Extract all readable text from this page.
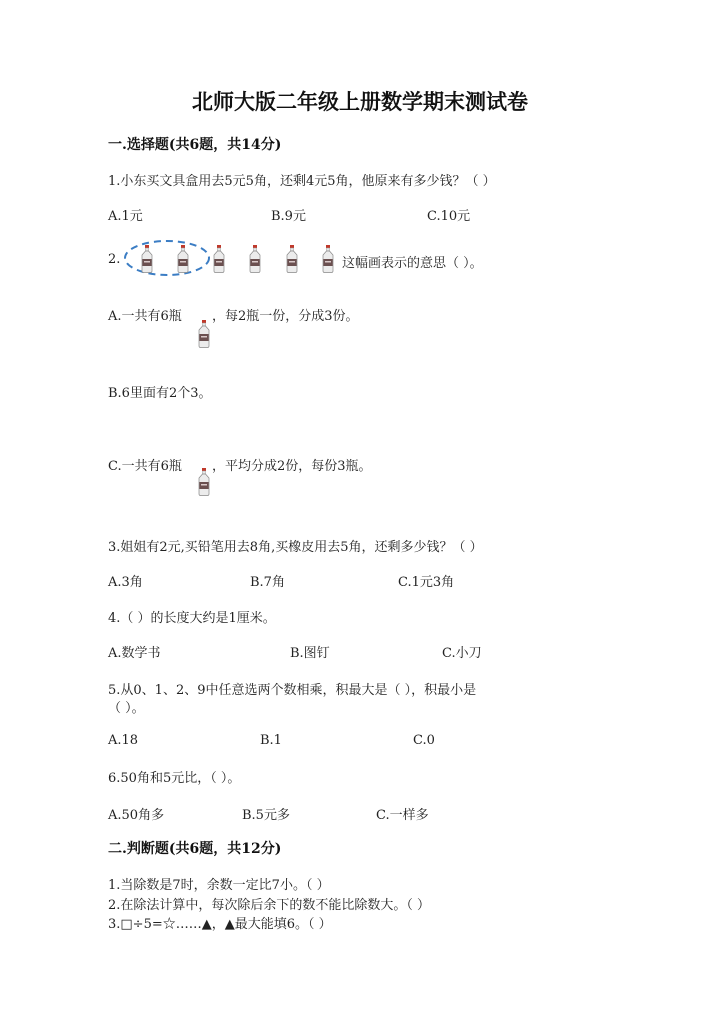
北师大版二年级上册数学期末测试卷
一.选择题(共6题，共14分)
1.小东买文具盒用去5元5角，还剩4元5角，他原来有多少钱？（ ）
A.1元	B.9元	C.10元
2.	这幅画表示的意思（ ）。
A.一共有6瓶 ，每2瓶一份，分成3份。
B.6里面有2个3。
C.一共有6瓶 ，平均分成2份，每份3瓶。
3.姐姐有2元,买铅笔用去8角,买橡皮用去5角，还剩多少钱？（ ）
A.3角	B.7角	C.1元3角
4.（ ）的长度大约是1厘米。
A.数学书	B.图钉	C.小刀
5.从0、1、2、9中任意选两个数相乘，积最大是（ ），积最小是
（ ）。
A.18	B.1	C.0
6.50角和5元比，（ ）。
A.50角多	B.5元多	C.一样多
二.判断题(共6题，共12分)
1.当除数是7时，余数一定比7小。（ ）
2.在除法计算中，每次除后余下的数不能比除数大。（ ）
3.□÷5=☆……▲，▲最大能填6。（ ）
